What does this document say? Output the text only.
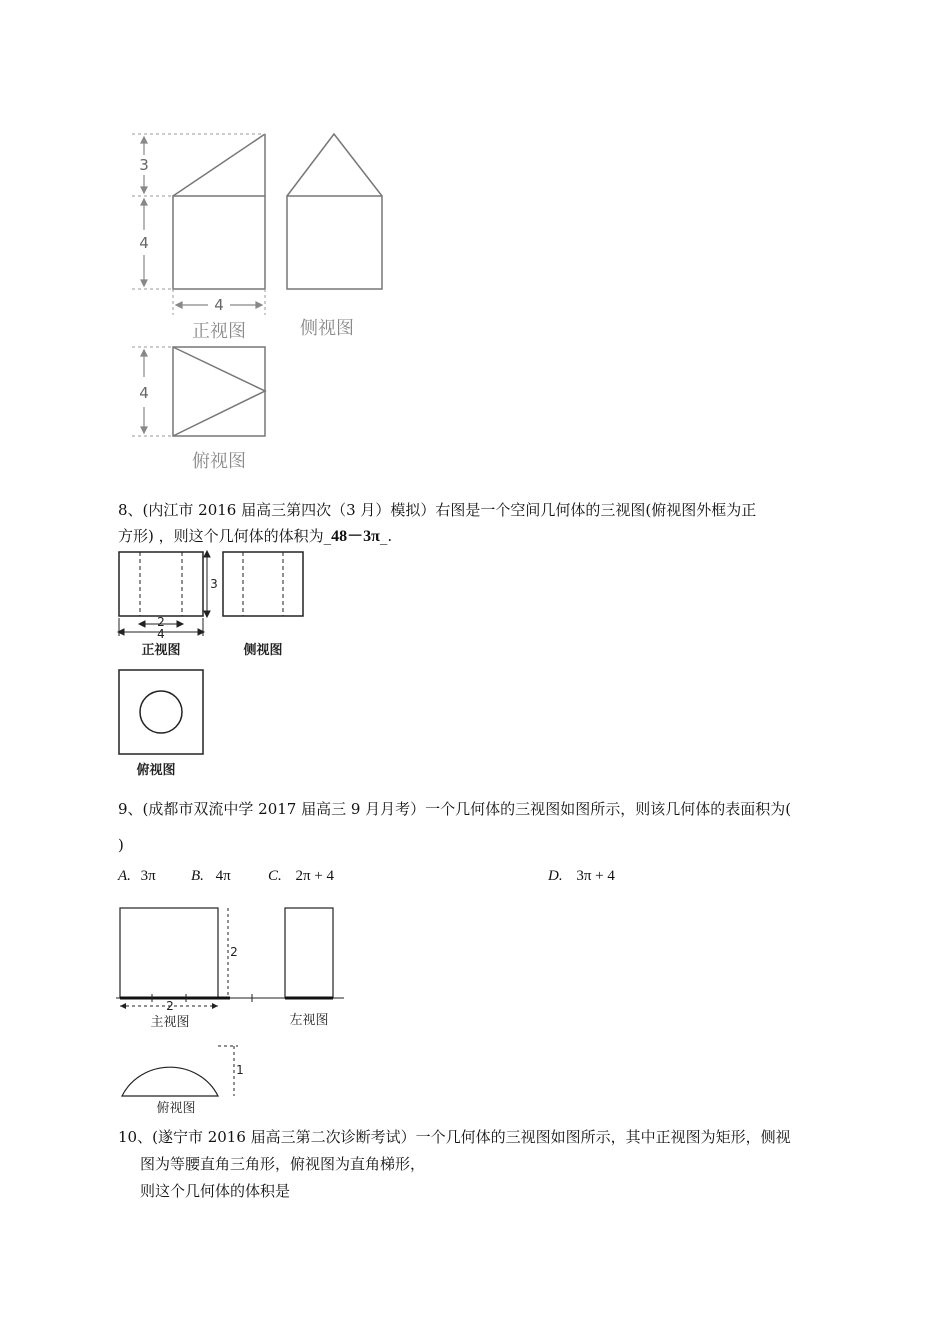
3
4
4
4
正视图	侧视图
俯视图
8、(内江市 2016 届高三第四次（3 月）模拟）右图是一个空间几何体的三视图(俯视图外框为正
方形) ，则这个几何体的体积为_48－3π_.
3
2
4
正视图	侧视图
俯视图
9、(成都市双流中学 2017 届高三 9 月月考）一个几何体的三视图如图所示，则该几何体的表面积为(
)
A. 3π B. 4π C. 2π + 4	D. 3π + 4
2
2
1
主视图	左视图
俯视图
10、(遂宁市 2016 届高三第二次诊断考试）一个几何体的三视图如图所示，其中正视图为矩形，侧视
图为等腰直角三角形，俯视图为直角梯形，
则这个几何体的体积是
